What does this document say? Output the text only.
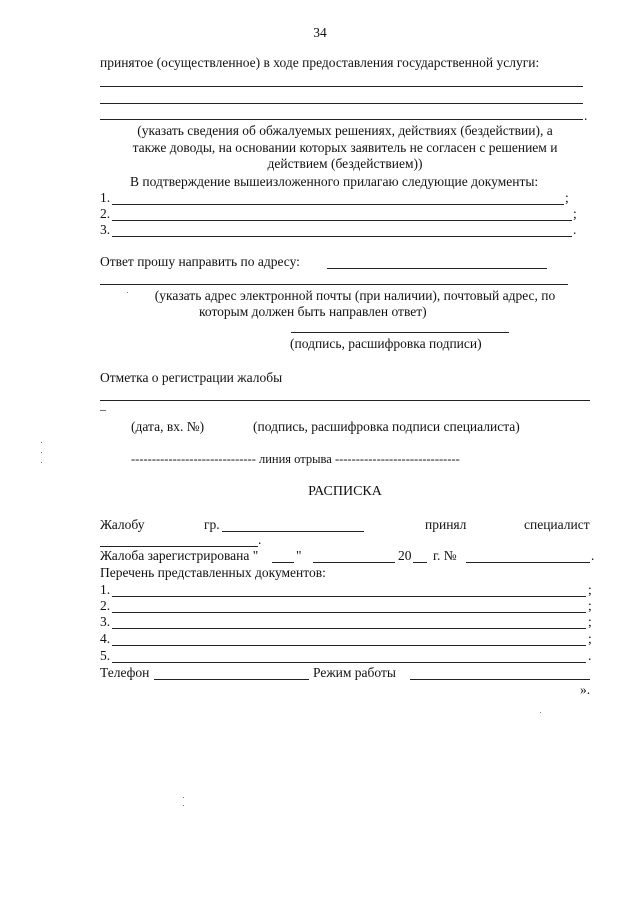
34
принятое (осуществленное) в ходе предоставления государственной услуги:
.
(указать сведения об обжалуемых решениях, действиях (бездействии), а
также доводы, на основании которых заявитель не согласен с решением и
действием (бездействием))
В подтверждение вышеизложенного прилагаю следующие документы:
1.	;
2.	;
3.	.
Ответ прошу направить по адресу:
(указать адрес электронной почты (при наличии), почтовый адрес, по
которым должен быть направлен ответ)
(подпись, расшифровка подписи)
Отметка о регистрации жалобы
–
(дата, вх. №)	(подпись, расшифровка подписи специалиста)
------------------------------ линия отрыва ------------------------------
РАСПИСКА
Жалобу	гр.	принял	специалист
.
Жалоба зарегистрирована "	"	20 г. №	.
Перечень представленных документов:
1.	;
2.	;
3.	;
4.	;
5.	.
Телефон	Режим работы
».
